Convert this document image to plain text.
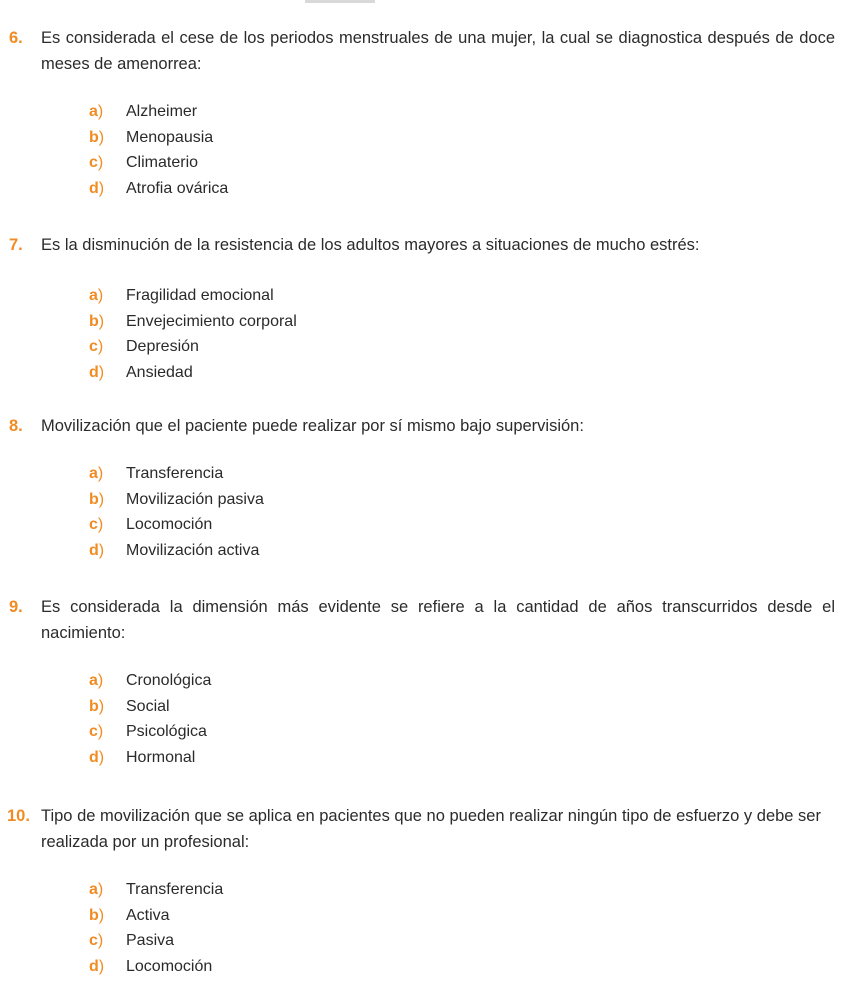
6. Es considerada el cese de los periodos menstruales de una mujer, la cual se diagnostica después de doce meses de amenorrea:
a) Alzheimer
b) Menopausia
c) Climaterio
d) Atrofia ovárica
7. Es la disminución de la resistencia de los adultos mayores a situaciones de mucho estrés:
a) Fragilidad emocional
b) Envejecimiento corporal
c) Depresión
d) Ansiedad
8. Movilización que el paciente puede realizar por sí mismo bajo supervisión:
a) Transferencia
b) Movilización pasiva
c) Locomoción
d) Movilización activa
9. Es considerada la dimensión más evidente se refiere a la cantidad de años transcurridos desde el nacimiento:
a) Cronológica
b) Social
c) Psicológica
d) Hormonal
10. Tipo de movilización que se aplica en pacientes que no pueden realizar ningún tipo de esfuerzo y debe ser realizada por un profesional:
a) Transferencia
b) Activa
c) Pasiva
d) Locomoción
